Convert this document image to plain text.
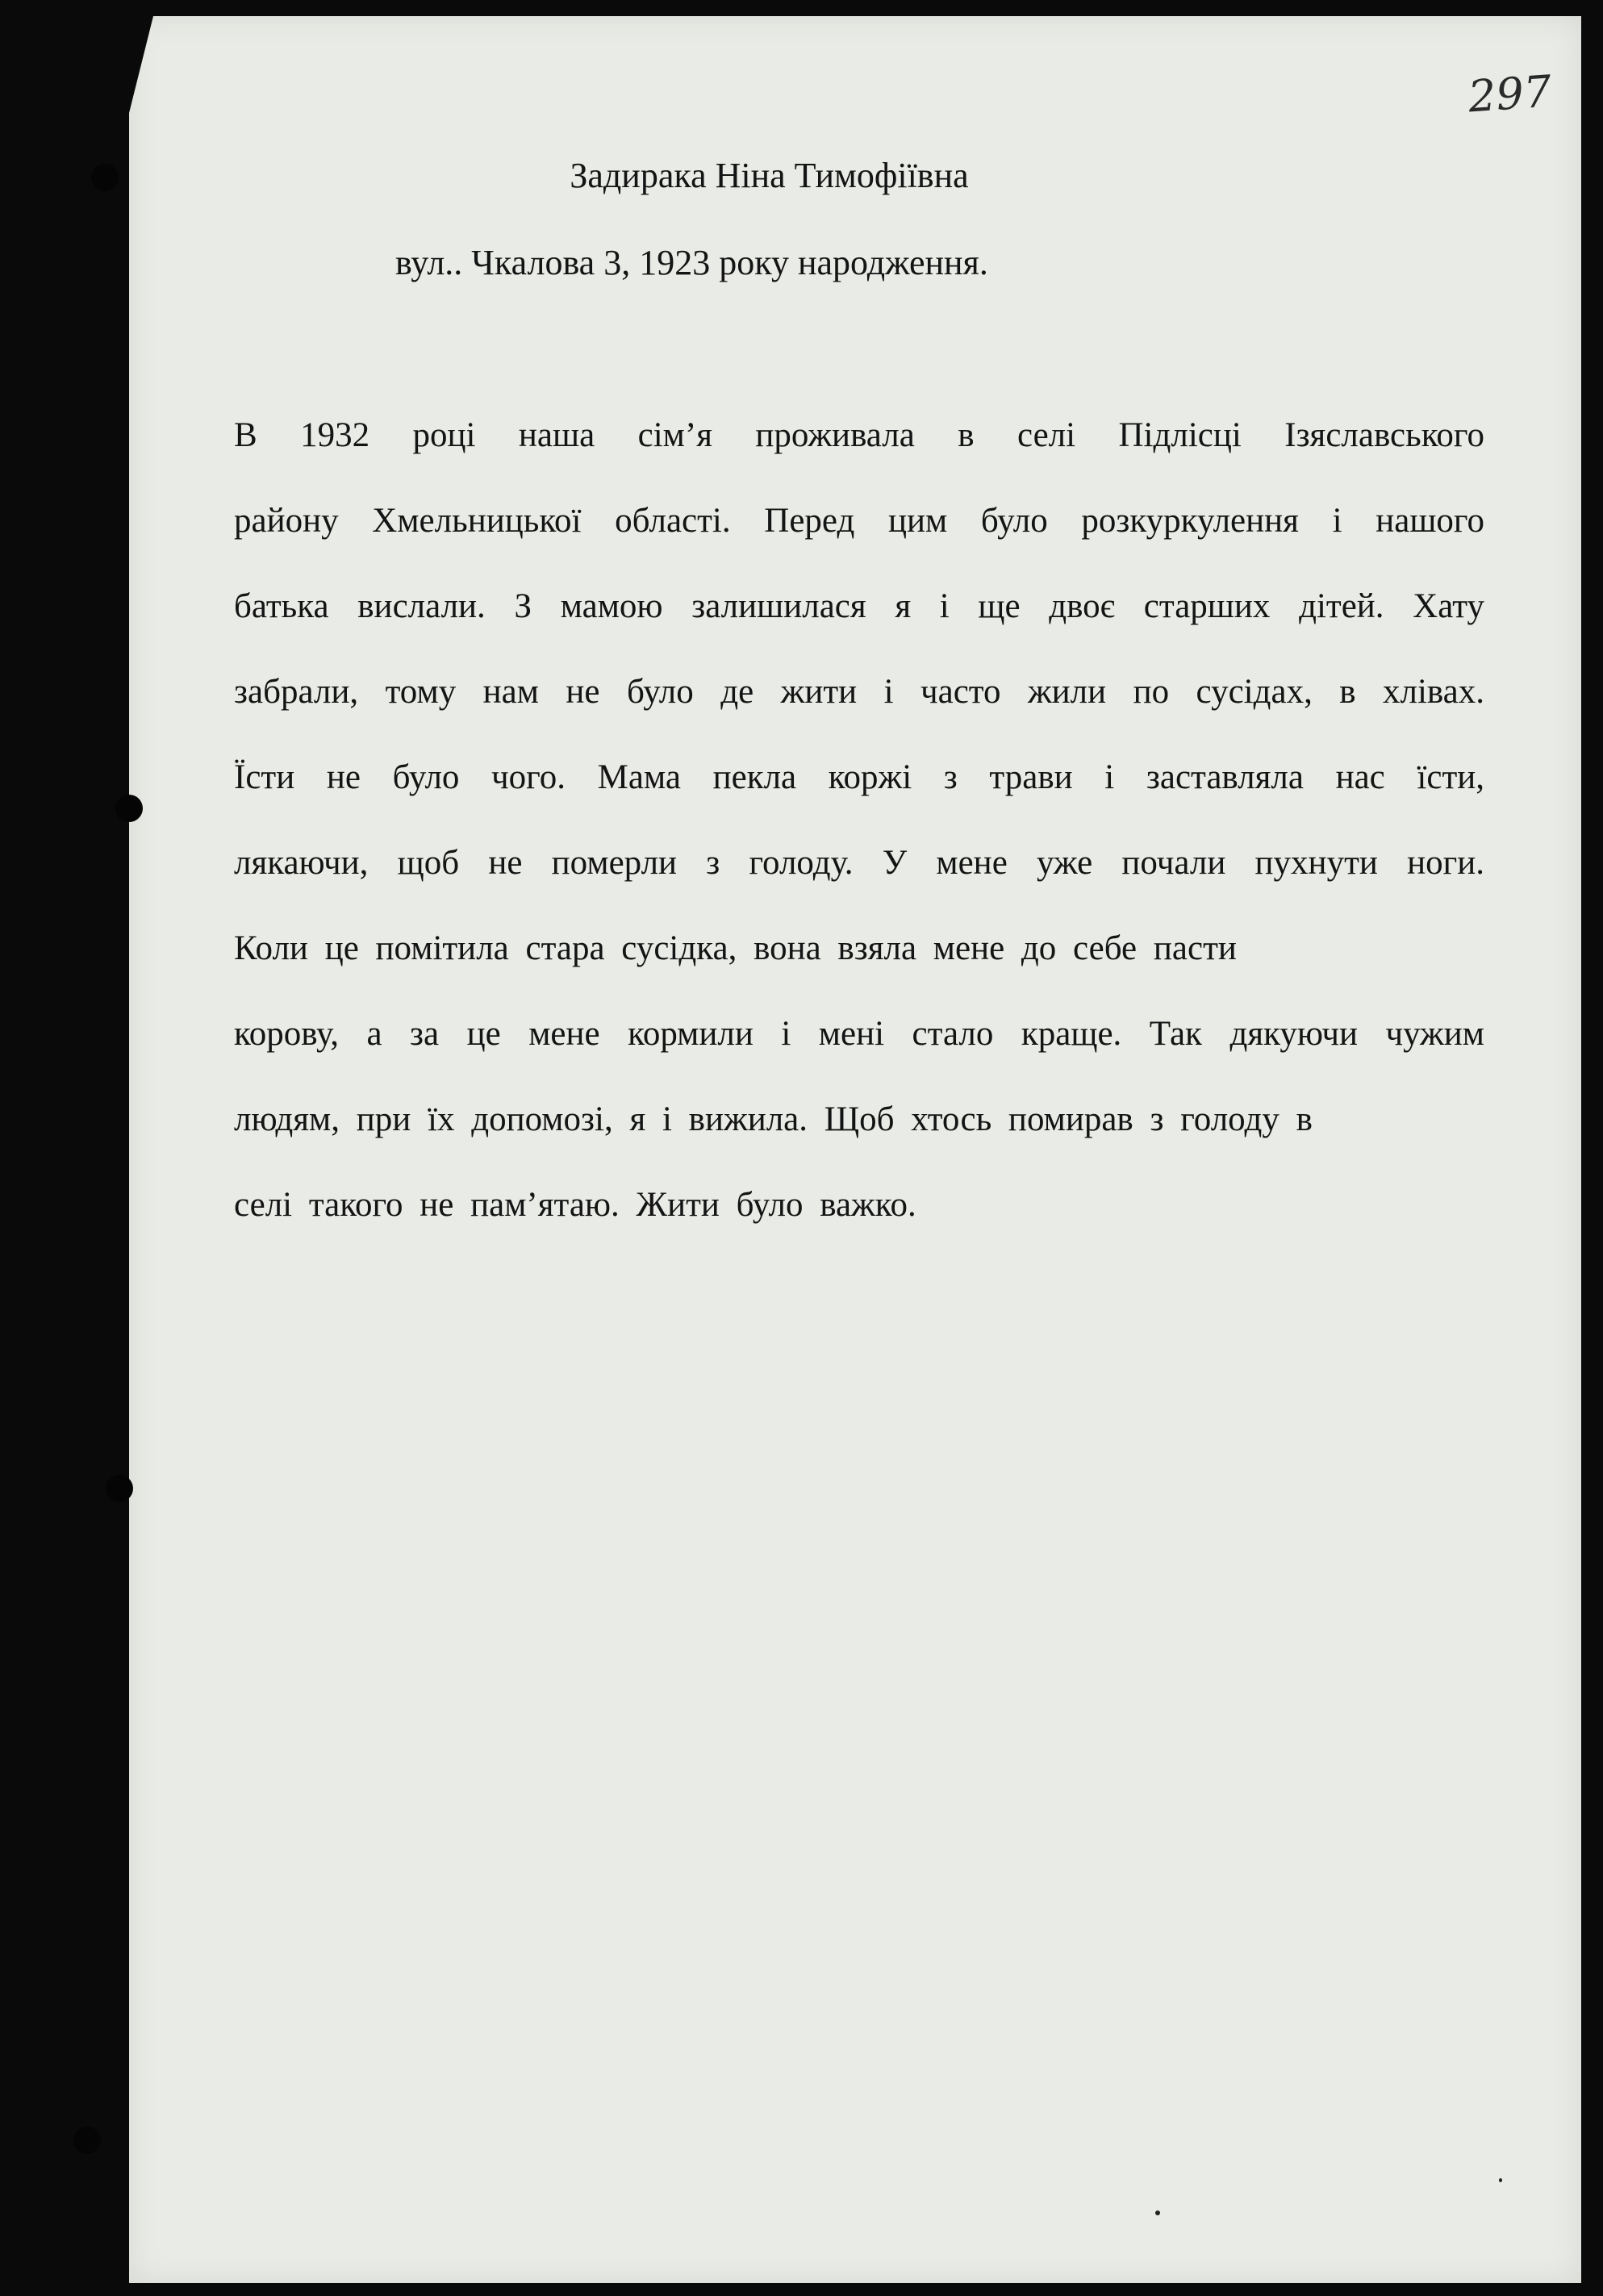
297
Задирака Ніна Тимофіївна
вул.. Чкалова 3, 1923 року народження.
В 1932 році наша сім’я проживала в селі Підлісці Ізяславського
району Хмельницької області. Перед цим було розкуркулення і нашого
батька вислали. З мамою залишилася я і ще двоє старших дітей. Хату
забрали, тому нам не було де жити і часто жили по сусідах, в хлівах.
Їсти не було чого. Мама пекла коржі з трави і заставляла нас їсти,
лякаючи, щоб не померли з голоду. У мене уже почали пухнути ноги.
Коли це помітила стара сусідка, вона взяла мене до себе пасти
корову, а за це мене кормили і мені стало краще. Так дякуючи чужим
людям, при їх допомозі, я і вижила. Щоб хтось помирав з голоду в
селі такого не пам’ятаю. Жити було важко.
